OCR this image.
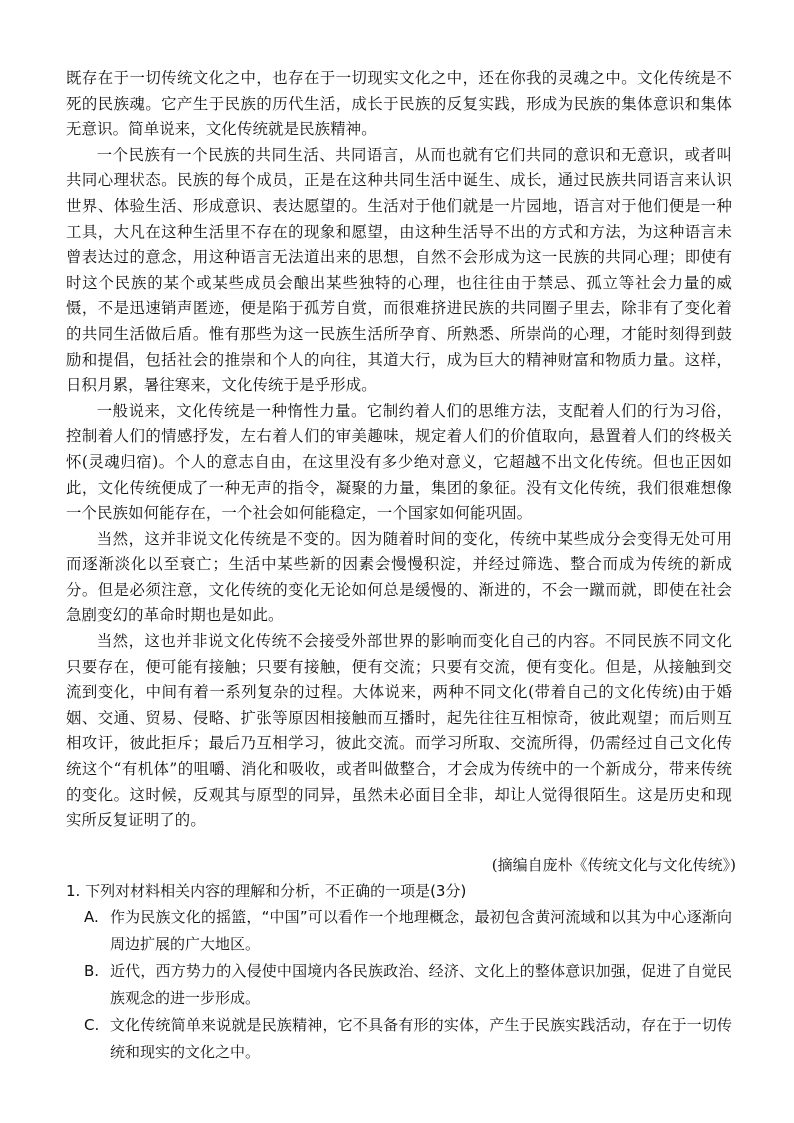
既存在于一切传统文化之中，也存在于一切现实文化之中，还在你我的灵魂之中。文化传统是不死的民族魂。它产生于民族的历代生活，成长于民族的反复实践，形成为民族的集体意识和集体无意识。简单说来，文化传统就是民族精神。

一个民族有一个民族的共同生活、共同语言，从而也就有它们共同的意识和无意识，或者叫共同心理状态。民族的每个成员，正是在这种共同生活中诞生、成长，通过民族共同语言来认识世界、体验生活、形成意识、表达愿望的。生活对于他们就是一片园地，语言对于他们便是一种工具，大凡在这种生活里不存在的现象和愿望，由这种生活导不出的方式和方法，为这种语言未曾表达过的意念，用这种语言无法道出来的思想，自然不会形成为这一民族的共同心理；即使有时这个民族的某个或某些成员会酿出某些独特的心理，也往往由于禁忌、孤立等社会力量的威慑，不是迅速销声匿迹，便是陷于孤芳自赏，而很难挤进民族的共同圈子里去，除非有了变化着的共同生活做后盾。惟有那些为这一民族生活所孕育、所熟悉、所崇尚的心理，才能时刻得到鼓励和提倡，包括社会的推崇和个人的向往，其道大行，成为巨大的精神财富和物质力量。这样，日积月累，暑往寒来，文化传统于是乎形成。

一般说来，文化传统是一种惰性力量。它制约着人们的思维方法，支配着人们的行为习俗，控制着人们的情感抒发，左右着人们的审美趣味，规定着人们的价值取向，悬置着人们的终极关怀(灵魂归宿)。个人的意志自由，在这里没有多少绝对意义，它超越不出文化传统。但也正因如此，文化传统便成了一种无声的指令，凝聚的力量，集团的象征。没有文化传统，我们很难想像一个民族如何能存在，一个社会如何能稳定，一个国家如何能巩固。

当然，这并非说文化传统是不变的。因为随着时间的变化，传统中某些成分会变得无处可用而逐渐淡化以至衰亡；生活中某些新的因素会慢慢积淀，并经过筛选、整合而成为传统的新成分。但是必须注意，文化传统的变化无论如何总是缓慢的、渐进的，不会一蹴而就，即使在社会急剧变幻的革命时期也是如此。

当然，这也并非说文化传统不会接受外部世界的影响而变化自己的内容。不同民族不同文化只要存在，便可能有接触；只要有接触，便有交流；只要有交流，便有变化。但是，从接触到交流到变化，中间有着一系列复杂的过程。大体说来，两种不同文化(带着自己的文化传统)由于婚姻、交通、贸易、侵略、扩张等原因相接触而互播时，起先往往互相惊奇，彼此观望；而后则互相攻讦，彼此拒斥；最后乃互相学习，彼此交流。而学习所取、交流所得，仍需经过自己文化传统这个“有机体”的咀嚼、消化和吸收，或者叫做整合，才会成为传统中的一个新成分，带来传统的变化。这时候，反观其与原型的同异，虽然未必面目全非，却让人觉得很陌生。这是历史和现实所反复证明了的。

(摘编自庞朴《传统文化与文化传统》)

1. 下列对材料相关内容的理解和分析，不正确的一项是(3分)

A. 作为民族文化的摇篮，“中国”可以看作一个地理概念，最初包含黄河流域和以其为中心逐渐向周边扩展的广大地区。
B. 近代，西方势力的入侵使中国境内各民族政治、经济、文化上的整体意识加强，促进了自觉民族观念的进一步形成。
C. 文化传统简单来说就是民族精神，它不具备有形的实体，产生于民族实践活动，存在于一切传统和现实的文化之中。
